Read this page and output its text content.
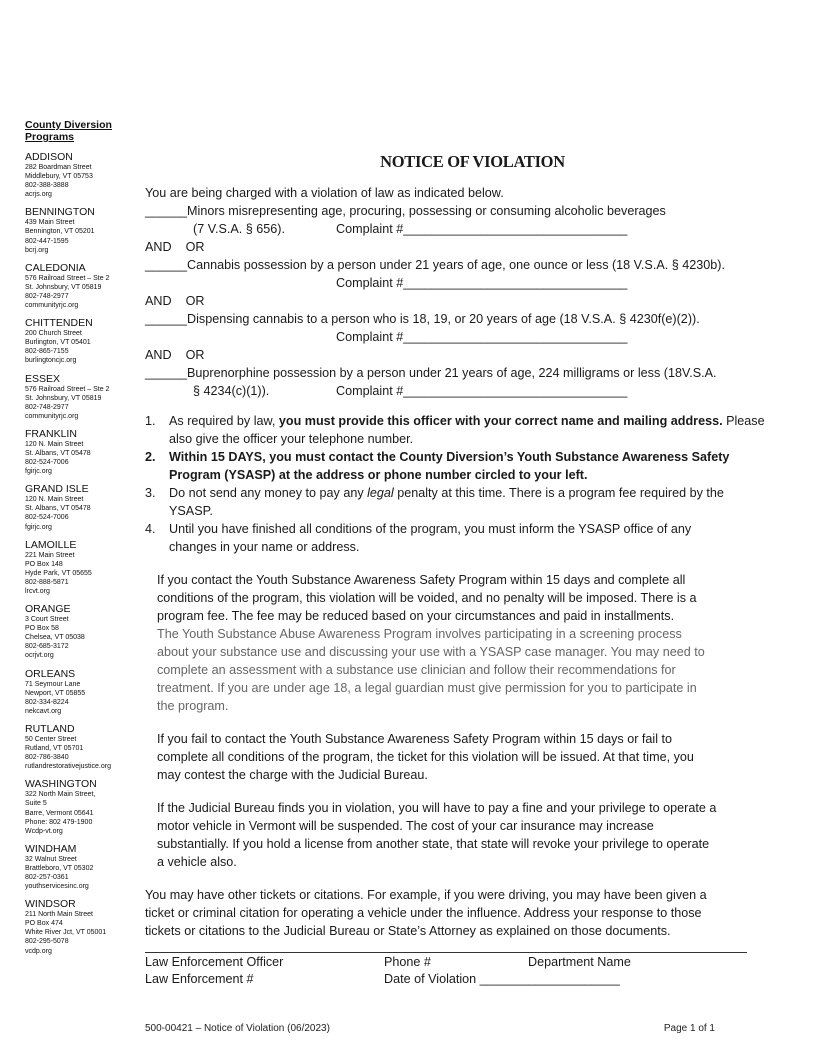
County Diversion
Programs
ADDISON
282 Boardman Street
Middlebury, VT 05753
802-388-3888
acrjs.org
BENNINGTON
439 Main Street
Bennington, VT 05201
802-447-1595
bcrj.org
CALEDONIA
576 Railroad Street – Ste 2
St. Johnsbury, VT 05819
802-748-2977
communityrjc.org
CHITTENDEN
200 Church Street
Burlington, VT 05401
802-865-7155
burlingtoncjc.org
ESSEX
576 Railroad Street – Ste 2
St. Johnsbury, VT 05819
802-748-2977
communityrjc.org
FRANKLIN
120 N. Main Street
St. Albans, VT 05478
802-524-7006
fgirjc.org
GRAND ISLE
120 N. Main Street
St. Albans, VT 05478
802-524-7006
fgirjc.org
LAMOILLE
221 Main Street
PO Box 148
Hyde Park, VT 05655
802-888-5871
lrcvt.org
ORANGE
3 Court Street
PO Box 58
Chelsea, VT 05038
802-685-3172
ocrjvt.org
ORLEANS
71 Seymour Lane
Newport, VT 05855
802-334-8224
nekcavt.org
RUTLAND
50 Center Street
Rutland, VT 05701
802-786-3840
rutlandrestorativejustice.org
WASHINGTON
322 North Main Street,
Suite 5
Barre, Vermont 05641
Phone: 802 479-1900
Wcdp-vt.org
WINDHAM
32 Walnut Street
Brattleboro, VT 05302
802-257-0361
youthservicesinc.org
WINDSOR
211 North Main Street
PO Box 474
White River Jct, VT 05001
802-295-5078
vcdp.org
NOTICE OF VIOLATION

You are being charged with a violation of law as indicated below.

______Minors misrepresenting age, procuring, possessing or consuming alcoholic beverages
(7 V.S.A. § 656).	Complaint #________________________________
AND OR
______Cannabis possession by a person under 21 years of age, one ounce or less (18 V.S.A. § 4230b).
Complaint #________________________________
AND OR
______Dispensing cannabis to a person who is 18, 19, or 20 years of age (18 V.S.A. § 4230f(e)(2)).
Complaint #________________________________
AND OR
______Buprenorphine possession by a person under 21 years of age, 224 milligrams or less (18V.S.A.
§ 4234(c)(1)).	Complaint #________________________________
1. As required by law, you must provide this officer with your correct name and mailing address. Please also give the officer your telephone number.
2. Within 15 DAYS, you must contact the County Diversion’s Youth Substance Awareness Safety Program (YSASP) at the address or phone number circled to your left.
3. Do not send any money to pay any legal penalty at this time. There is a program fee required by the YSASP.
4. Until you have finished all conditions of the program, you must inform the YSASP office of any changes in your name or address.
If you contact the Youth Substance Awareness Safety Program within 15 days and complete all
conditions of the program, this violation will be voided, and no penalty will be imposed. There is a
program fee. The fee may be reduced based on your circumstances and paid in installments.
The Youth Substance Abuse Awareness Program involves participating in a screening process
about your substance use and discussing your use with a YSASP case manager. You may need to
complete an assessment with a substance use clinician and follow their recommendations for
treatment. If you are under age 18, a legal guardian must give permission for you to participate in
the program.
If you fail to contact the Youth Substance Awareness Safety Program within 15 days or fail to
complete all conditions of the program, the ticket for this violation will be issued. At that time, you
may contest the charge with the Judicial Bureau.
If the Judicial Bureau finds you in violation, you will have to pay a fine and your privilege to operate a
motor vehicle in Vermont will be suspended. The cost of your car insurance may increase
substantially. If you hold a license from another state, that state will revoke your privilege to operate
a vehicle also.
You may have other tickets or citations. For example, if you were driving, you may have been given a
ticket or criminal citation for operating a vehicle under the influence. Address your response to those
tickets or citations to the Judicial Bureau or State’s Attorney as explained on those documents.
Law Enforcement Officer	Phone #	Department Name
Law Enforcement #	Date of Violation ____________________
500-00421 – Notice of Violation (06/2023)	Page 1 of 1
